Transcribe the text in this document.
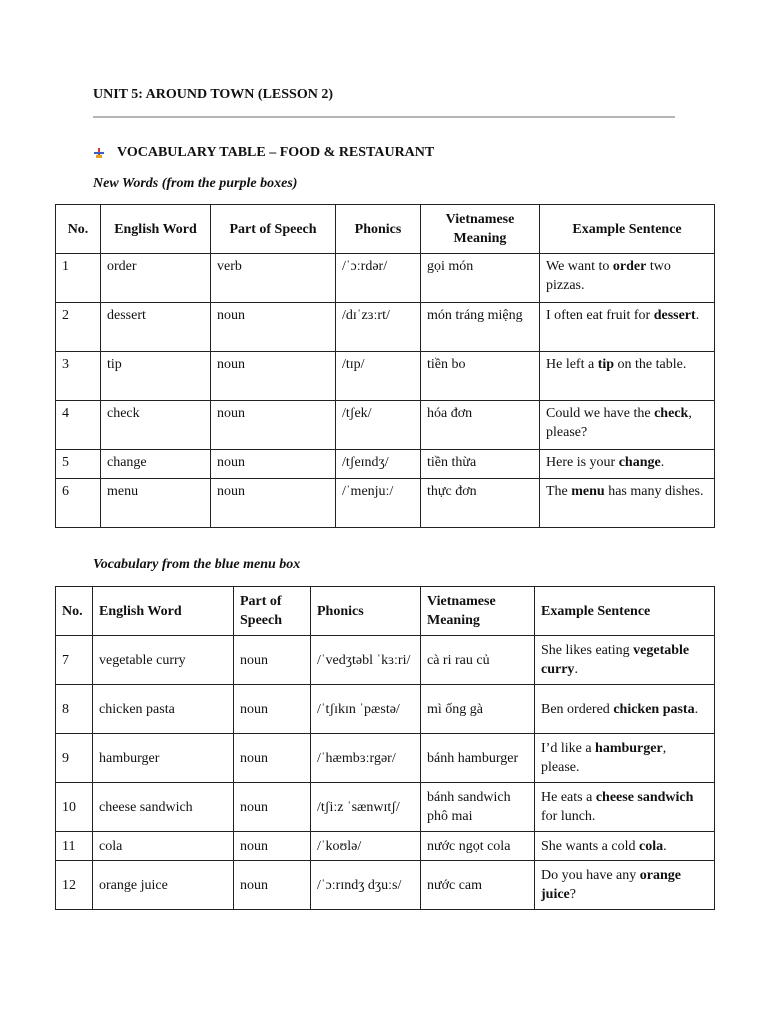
UNIT 5: AROUND TOWN (LESSON 2)
VOCABULARY TABLE – FOOD & RESTAURANT
New Words (from the purple boxes)
No.	English Word	Part of Speech	Phonics	Vietnamese Meaning	Example Sentence
1	order	verb	/ˈɔːrdər/	gọi món	We want to order two pizzas.
2	dessert	noun	/dɪˈzɜːrt/	món tráng miệng	I often eat fruit for dessert.
3	tip	noun	/tɪp/	tiền bo	He left a tip on the table.
4	check	noun	/tʃek/	hóa đơn	Could we have the check, please?
5	change	noun	/tʃeɪndʒ/	tiền thừa	Here is your change.
6	menu	noun	/ˈmenjuː/	thực đơn	The menu has many dishes.
Vocabulary from the blue menu box
No.	English Word	Part of Speech	Phonics	Vietnamese Meaning	Example Sentence
7	vegetable curry	noun	/ˈvedʒtəbl ˈkɜːri/	cà ri rau củ	She likes eating vegetable curry.
8	chicken pasta	noun	/ˈtʃɪkɪn ˈpæstə/	mì ống gà	Ben ordered chicken pasta.
9	hamburger	noun	/ˈhæmbɜːrgər/	bánh hamburger	I’d like a hamburger, please.
10	cheese sandwich	noun	/tʃiːz ˈsænwɪtʃ/	bánh sandwich phô mai	He eats a cheese sandwich for lunch.
11	cola	noun	/ˈkoʊlə/	nước ngọt cola	She wants a cold cola.
12	orange juice	noun	/ˈɔːrɪndʒ dʒuːs/	nước cam	Do you have any orange juice?
